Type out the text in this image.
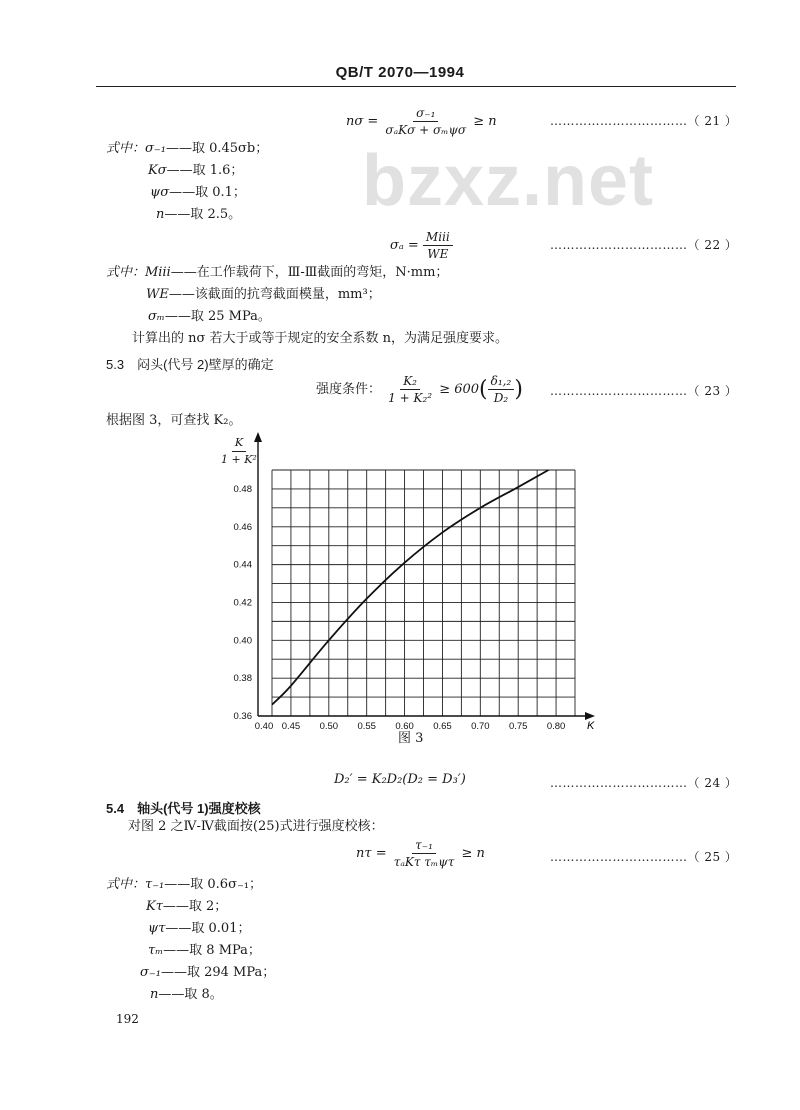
QB/T 2070—1994
bzxz.net
$n\sigma = \frac{\text{σ₋₁}}{\text{σₐKσ + σₘψσ}} \ge n$	……………………………（ 21 ）
式中：σ₋₁——取 0.45σb；
Kσ——取 1.6；
ψσ——取 0.1；
n——取 2.5。
$\sigma_a = \frac{\text{Mⅲ}}{WE}$	……………………………（ 22 ）
式中：Mⅲ——在工作载荷下，Ⅲ-Ⅲ截面的弯矩，N·mm；
WE——该截面的抗弯截面模量，mm³；
σₘ——取 25 MPa。
计算出的 nσ 若大于或等于规定的安全系数 n，为满足强度要求。
5.3　闷头(代号 2)壁厚的确定
强度条件： $\frac{\text{K₂}}{\text{1 + K₂²}} \ge 600( \frac{\text{δ₁,₂}}{\text{D₂}}$ ) ……………………………（ 23 ）
根据图 3，可查找 K₂。
$\frac{K}{\text{1 + K²}}$
0.40 0.45 0.50 0.55 0.60 0.65 0.70 0.75 0.80
0.36
0.38
0.40
0.42
0.44
0.46
0.48
K
图 3
D₂′ = K₂D₂(D₂ = D₃′)	……………………………（ 24 ）
5.4　轴头(代号 1)强度校核
对图 2 之Ⅳ-Ⅳ截面按(25)式进行强度校核：
$n\tau = \frac{\text{τ₋₁}}{\text{τₐKτ τₘψτ}} \ge n$	……………………………（ 25 ）
式中：τ₋₁——取 0.6σ₋₁；
Kτ——取 2；
ψτ——取 0.01；
τₘ——取 8 MPa；
σ₋₁——取 294 MPa；
n——取 8。
192
